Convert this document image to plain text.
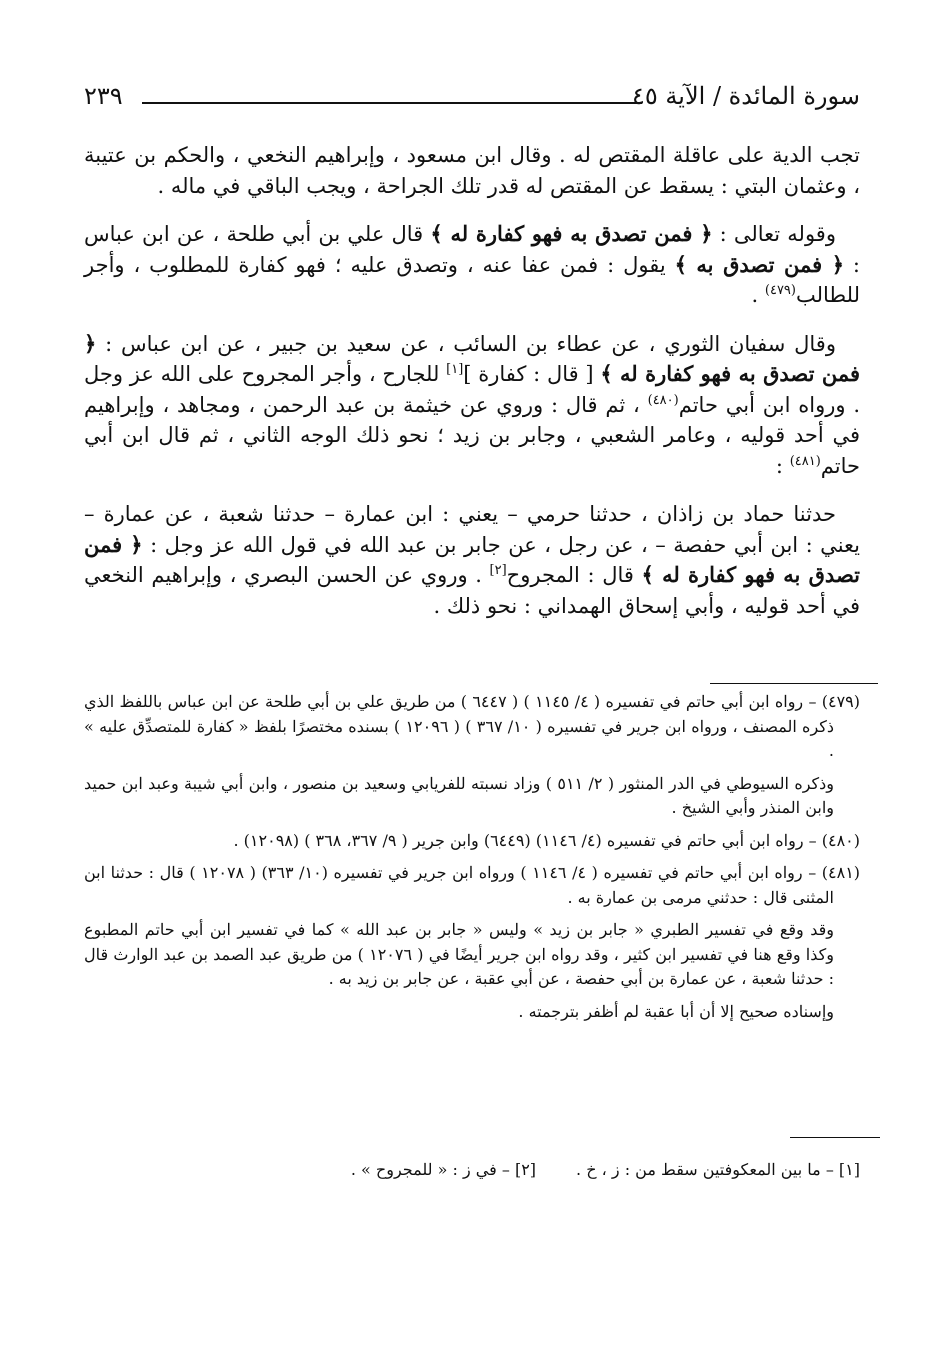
سورة المائدة / الآية ٤٥
٢٣٩

تجب الدية على عاقلة المقتص له . وقال ابن مسعود ، وإبراهيم النخعي ، والحكم بن عتيبة ، وعثمان البتي : يسقط عن المقتص له قدر تلك الجراحة ، ويجب الباقي في ماله .

وقوله تعالى : ﴿ فمن تصدق به فهو كفارة له ﴾ قال علي بن أبي طلحة ، عن ابن عباس : ﴿ فمن تصدق به ﴾ يقول : فمن عفا عنه ، وتصدق عليه ؛ فهو كفارة للمطلوب ، وأجر للطالب$^{(٤٧٩)}$ .

وقال سفيان الثوري ، عن عطاء بن السائب ، عن سعيد بن جبير ، عن ابن عباس : ﴿ فمن تصدق به فهو كفارة له ﴾ [ قال : كفارة ][١] للجارح ، وأجر المجروح على الله عز وجل . ورواه ابن أبي حاتم$^{(٤٨٠)}$ ، ثم قال : وروي عن خيثمة بن عبد الرحمن ، ومجاهد ، وإبراهيم في أحد قوليه ، وعامر الشعبي ، وجابر بن زيد ؛ نحو ذلك الوجه الثاني ، ثم قال ابن أبي حاتم$^{(٤٨١)}$ :

حدثنا حماد بن زاذان ، حدثنا حرمي – يعني : ابن عمارة – حدثنا شعبة ، عن عمارة – يعني : ابن أبي حفصة – ، عن رجل ، عن جابر بن عبد الله في قول الله عز وجل : ﴿ فمن تصدق به فهو كفارة له ﴾ قال : المجروح[٢] . وروي عن الحسن البصري ، وإبراهيم النخعي في أحد قوليه ، وأبي إسحاق الهمداني : نحو ذلك .

(٤٧٩) – رواه ابن أبي حاتم في تفسيره ( ٤/ ١١٤٥ ) ( ٦٤٤٧ ) من طريق علي بن أبي طلحة عن ابن عباس باللفظ الذي ذكره المصنف ، ورواه ابن جرير في تفسيره ( ١٠/ ٣٦٧ ) ( ١٢٠٩٦ ) بسنده مختصرًا بلفظ « كفارة للمتصدِّق عليه » .

وذكره السيوطي في الدر المنثور ( ٢/ ٥١١ ) وزاد نسبته للفريابي وسعيد بن منصور ، وابن أبي شيبة وعبد ابن حميد وابن المنذر وأبي الشيخ .

(٤٨٠) – رواه ابن أبي حاتم في تفسيره (٤/ ١١٤٦) (٦٤٤٩) وابن جرير ( ٩/ ٣٦٧، ٣٦٨ ) (١٢٠٩٨) .

(٤٨١) – رواه ابن أبي حاتم في تفسيره ( ٤/ ١١٤٦ ) ورواه ابن جرير في تفسيره (١٠/ ٣٦٣) ( ١٢٠٧٨ ) قال : حدثنا ابن المثنى قال : حدثني مرمى بن عمارة به .

وقد وقع في تفسير الطبري « جابر بن زيد » وليس « جابر بن عبد الله » كما في تفسير ابن أبي حاتم المطبوع وكذا وقع هنا في تفسير ابن كثير ، وقد رواه ابن جرير أيضًا في ( ١٢٠٧٦ ) من طريق عبد الصمد بن عبد الوارث قال : حدثنا شعبة ، عن عمارة بن أبي حفصة ، عن أبي عقبة ، عن جابر بن زيد به .

وإسناده صحيح إلا أن أبا عقبة لم أظفر بترجمته .

[١] – ما بين المعكوفتين سقط من : ز ، خ .
[٢] – في ز : « للمجروح » .
